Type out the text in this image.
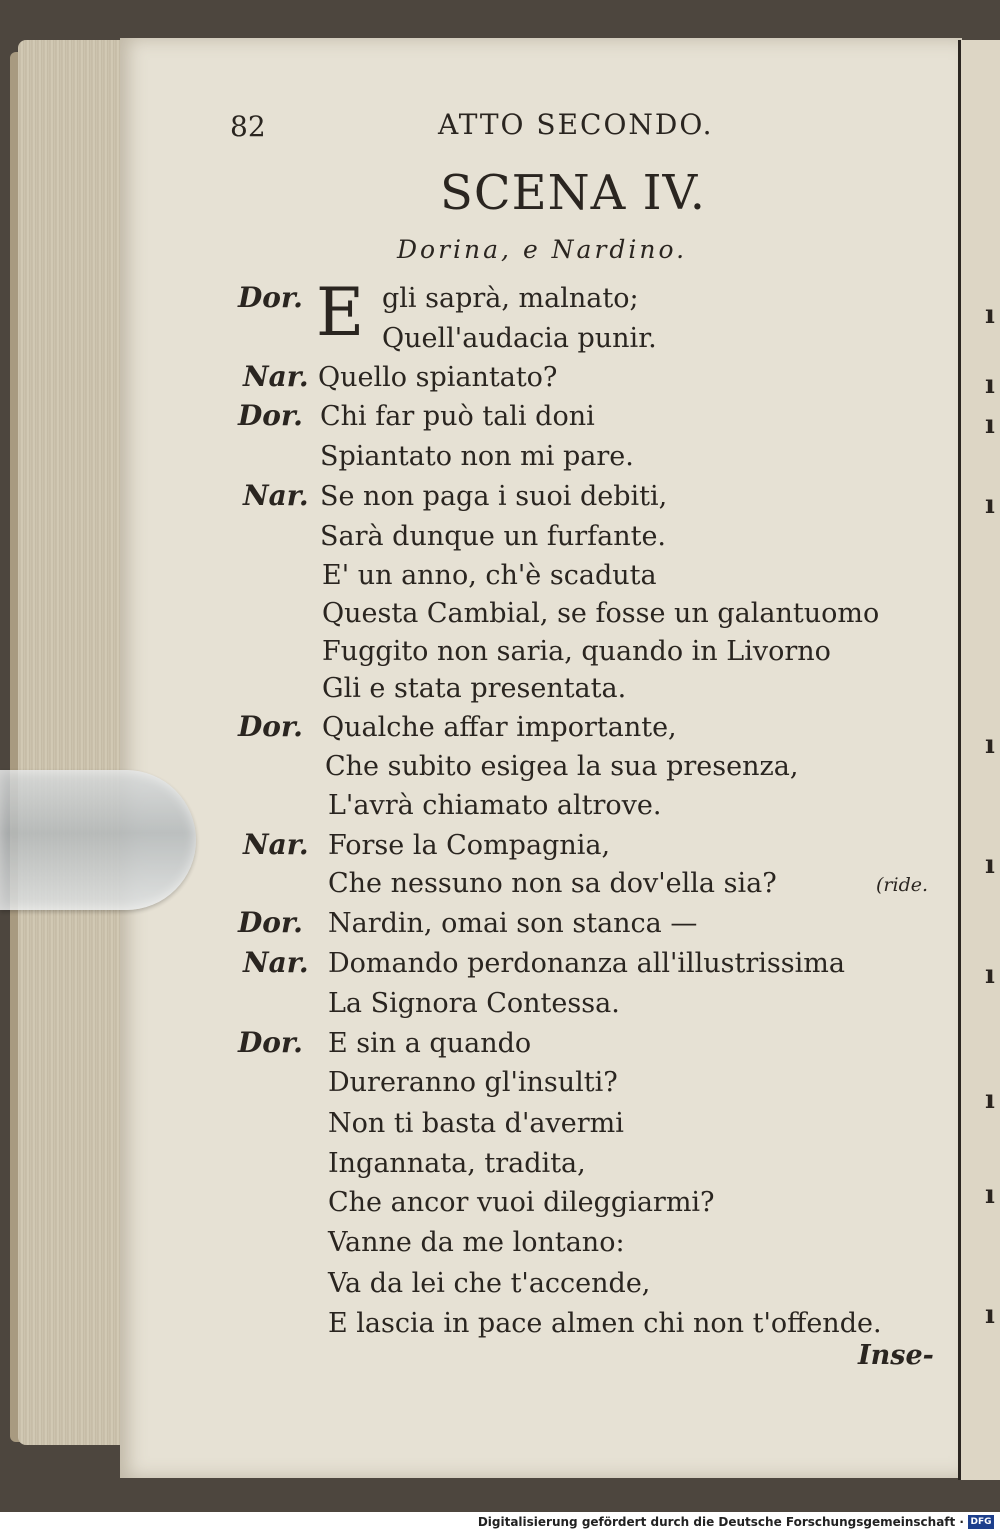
ı
ı
ı
ı
ı
ı
ı
ı
ı
ı
82	ATTO SECONDO.
SCENA IV.
Dorina, e Nardino.
E
Dor.	gli saprà, malnato;
Quell'audacia punir.
Nar. Quello spiantato?
Dor. Chi far può tali doni
Spiantato non mi pare.
Nar. Se non paga i suoi debiti,
Sarà dunque un furfante.
E' un anno, ch'è scaduta
Questa Cambial, se fosse un galantuomo
Fuggito non saria, quando in Livorno
Gli e stata presentata.
Dor. Qualche affar importante,
Che subito esigea la sua presenza,
L'avrà chiamato altrove.
Nar. Forse la Compagnia,
Che nessuno non sa dov'ella sia?
Dor. Nardin, omai son stanca —
Nar. Domando perdonanza all'illustrissima
La Signora Contessa.
Dor. E sin a quando
Dureranno gl'insulti?
Non ti basta d'avermi
Ingannata, tradita,
Che ancor vuoi dileggiarmi?
Vanne da me lontano:
Va da lei che t'accende,
E lascia in pace almen chi non t'offende.
(ride.
Inse-
Digitalisierung gefördert durch die Deutsche Forschungsgemeinschaft · DFG
